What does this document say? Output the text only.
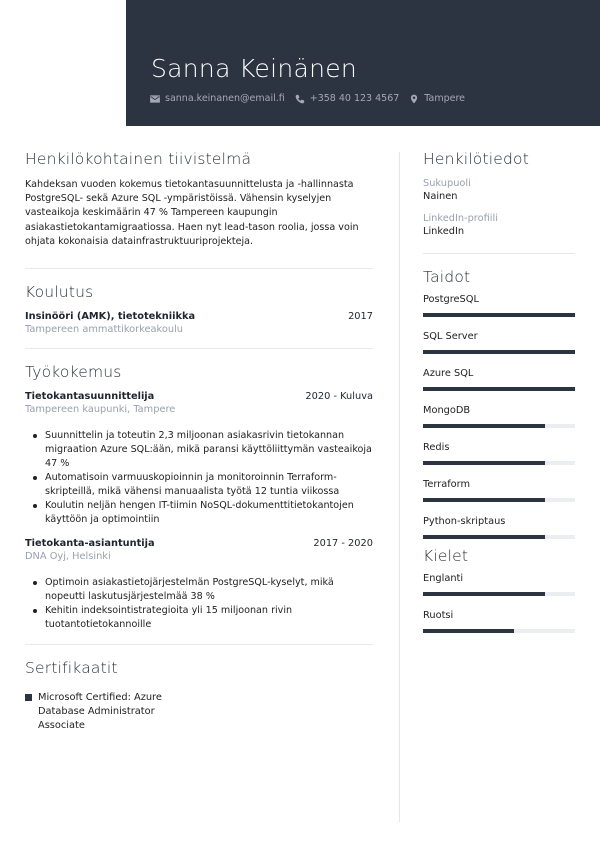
Sanna Keinänen
sanna.keinanen@email.fi	+358 40 123 4567	Tampere
Henkilökohtainen tiivistelmä
Kahdeksan vuoden kokemus tietokantasuunnittelusta ja -hallinnasta PostgreSQL- sekä Azure SQL -ympäristöissä. Vähensin kyselyjen vasteaikoja keskimäärin 47 % Tampereen kaupungin asiakastietokantamigraatiossa. Haen nyt lead-tason roolia, jossa voin ohjata kokonaisia datainfrastruktuuriprojekteja.
Koulutus
Insinööri (AMK), tietotekniikka	2017
Tampereen ammattikorkeakoulu
Työkokemus
Tietokantasuunnittelija	2020 - Kuluva
Tampereen kaupunki, Tampere
Suunnittelin ja toteutin 2,3 miljoonan asiakasrivin tietokannan migraation Azure SQL:ään, mikä paransi käyttöliittymän vasteaikoja 47 %
Automatisoin varmuuskopioinnin ja monitoroinnin Terraform-skripteillä, mikä vähensi manuaalista työtä 12 tuntia viikossa
Koulutin neljän hengen IT-tiimin NoSQL-dokumenttitietokantojen käyttöön ja optimointiin
Tietokanta-asiantuntija	2017 - 2020
DNA Oyj, Helsinki
Optimoin asiakastietojärjestelmän PostgreSQL-kyselyt, mikä nopeutti laskutusjärjestelmää 38 %
Kehitin indeksointistrategioita yli 15 miljoonan rivin tuotantotietokannoille
Sertifikaatit
Microsoft Certified: Azure Database Administrator Associate
Henkilötiedot
Sukupuoli
Nainen
LinkedIn-profiili
LinkedIn
Taidot
PostgreSQL
SQL Server
Azure SQL
MongoDB
Redis
Terraform
Python-skriptaus
Kielet
Englanti
Ruotsi
